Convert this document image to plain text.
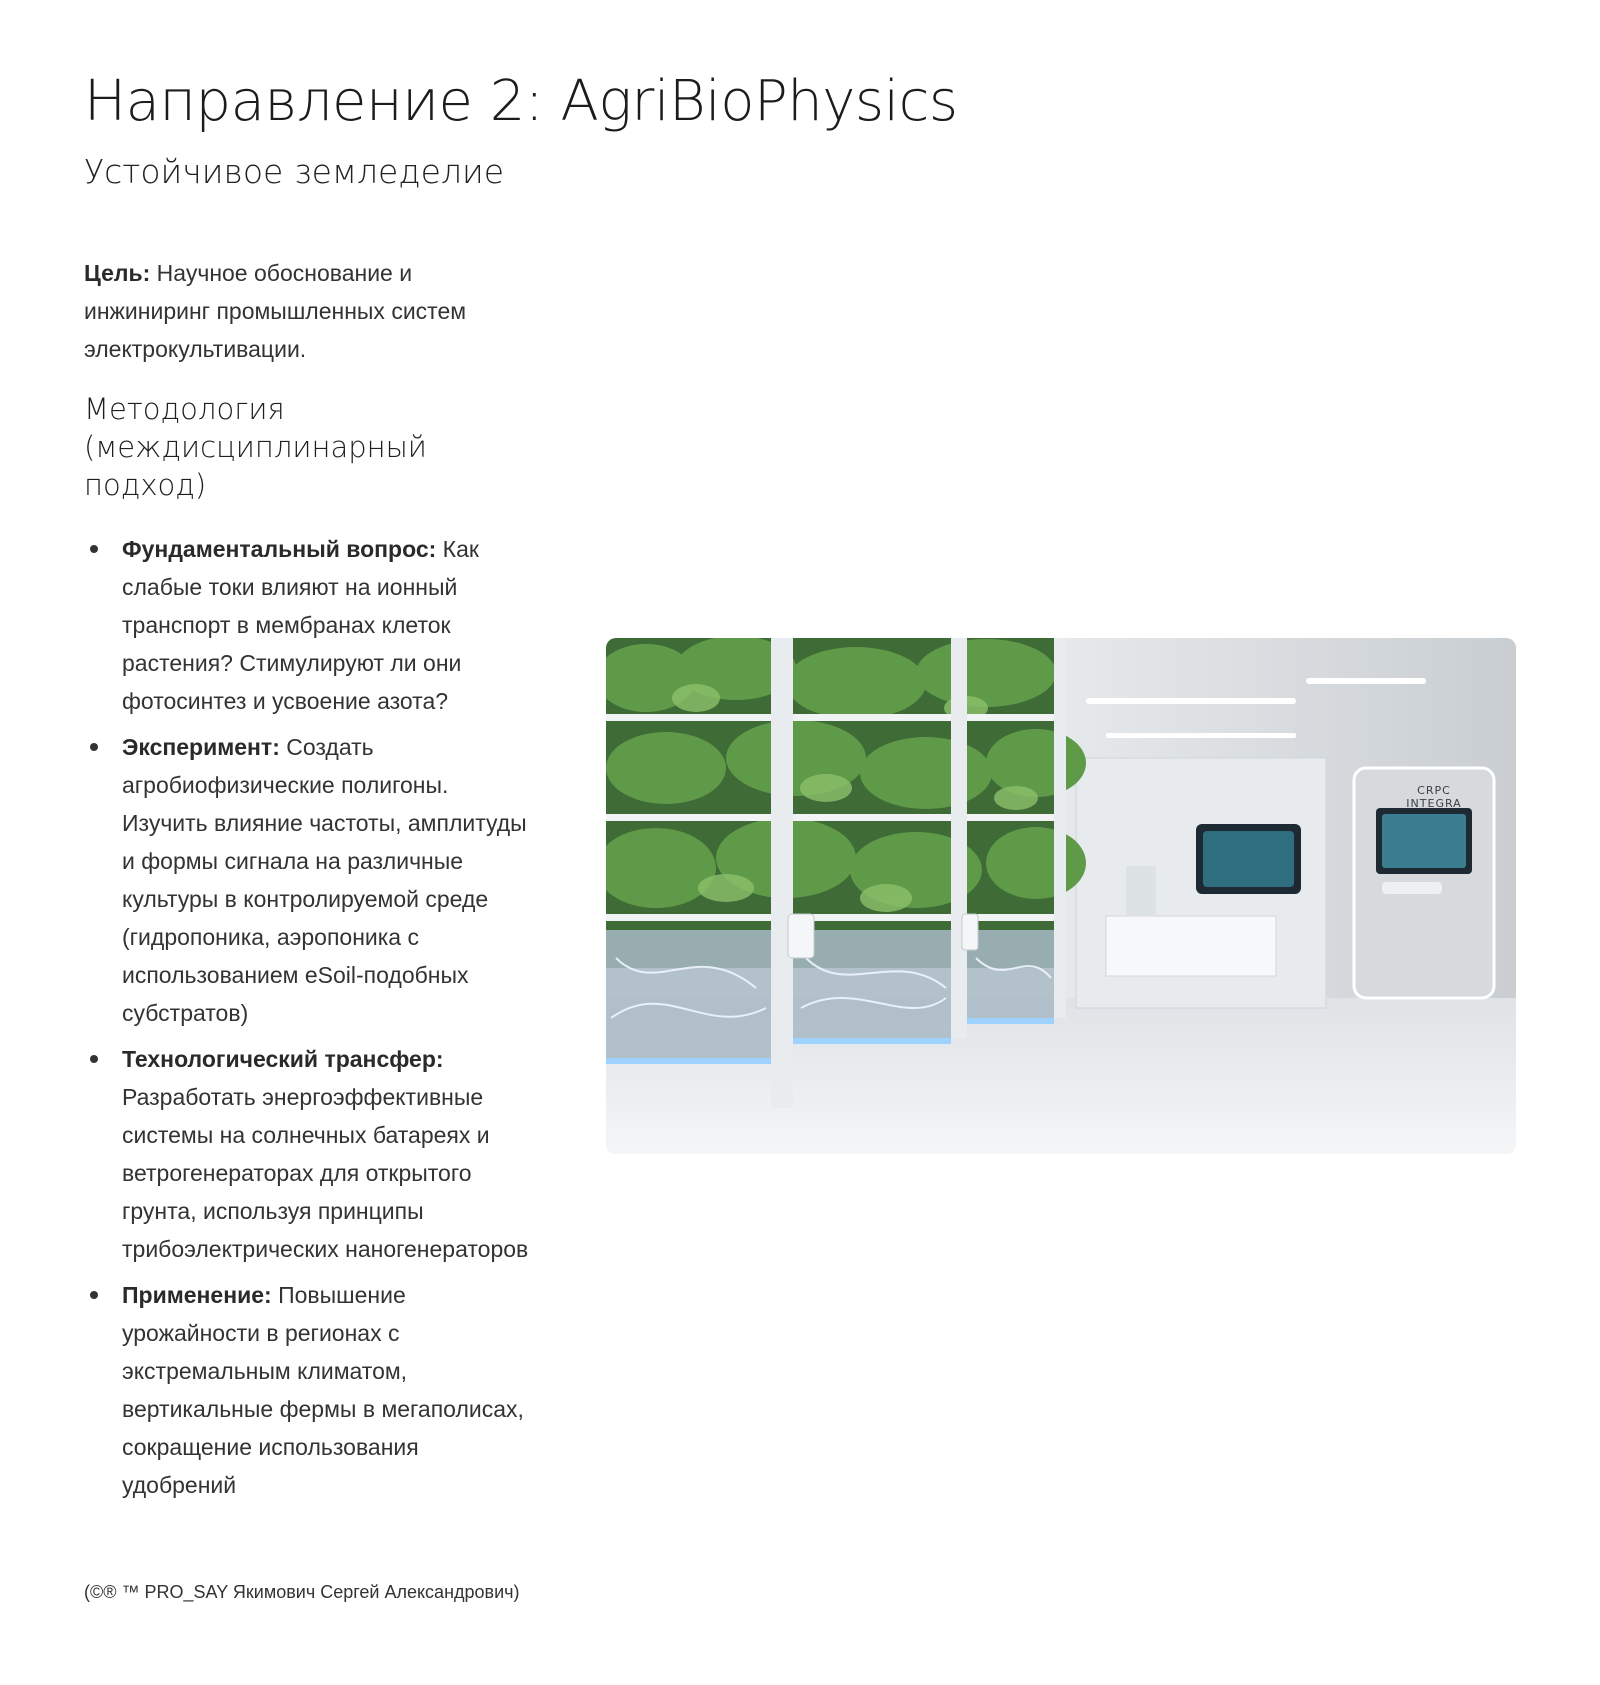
Направление 2: AgriBioPhysics
Устойчивое земледелие

Цель: Научное обоснование и инжиниринг промышленных систем электрокультивации.

Методология (междисциплинарный подход)
Фундаментальный вопрос: Как слабые токи влияют на ионный транспорт в мембранах клеток растения? Стимулируют ли они фотосинтез и усвоение азота?
Эксперимент: Создать агробиофизические полигоны. Изучить влияние частоты, амплитуды и формы сигнала на различные культуры в контролируемой среде (гидропоника, аэропоника с использованием eSoil-подобных субстратов)
Технологический трансфер: Разработать энергоэффективные системы на солнечных батареях и ветрогенераторах для открытого грунта, используя принципы трибоэлектрических наногенераторов
Применение: Повышение урожайности в регионах с экстремальным климатом, вертикальные фермы в мегаполисах, сокращение использования удобрений
CRPC INTEGRA

(©® ™ PRO_SAY Якимович Сергей Александрович)
